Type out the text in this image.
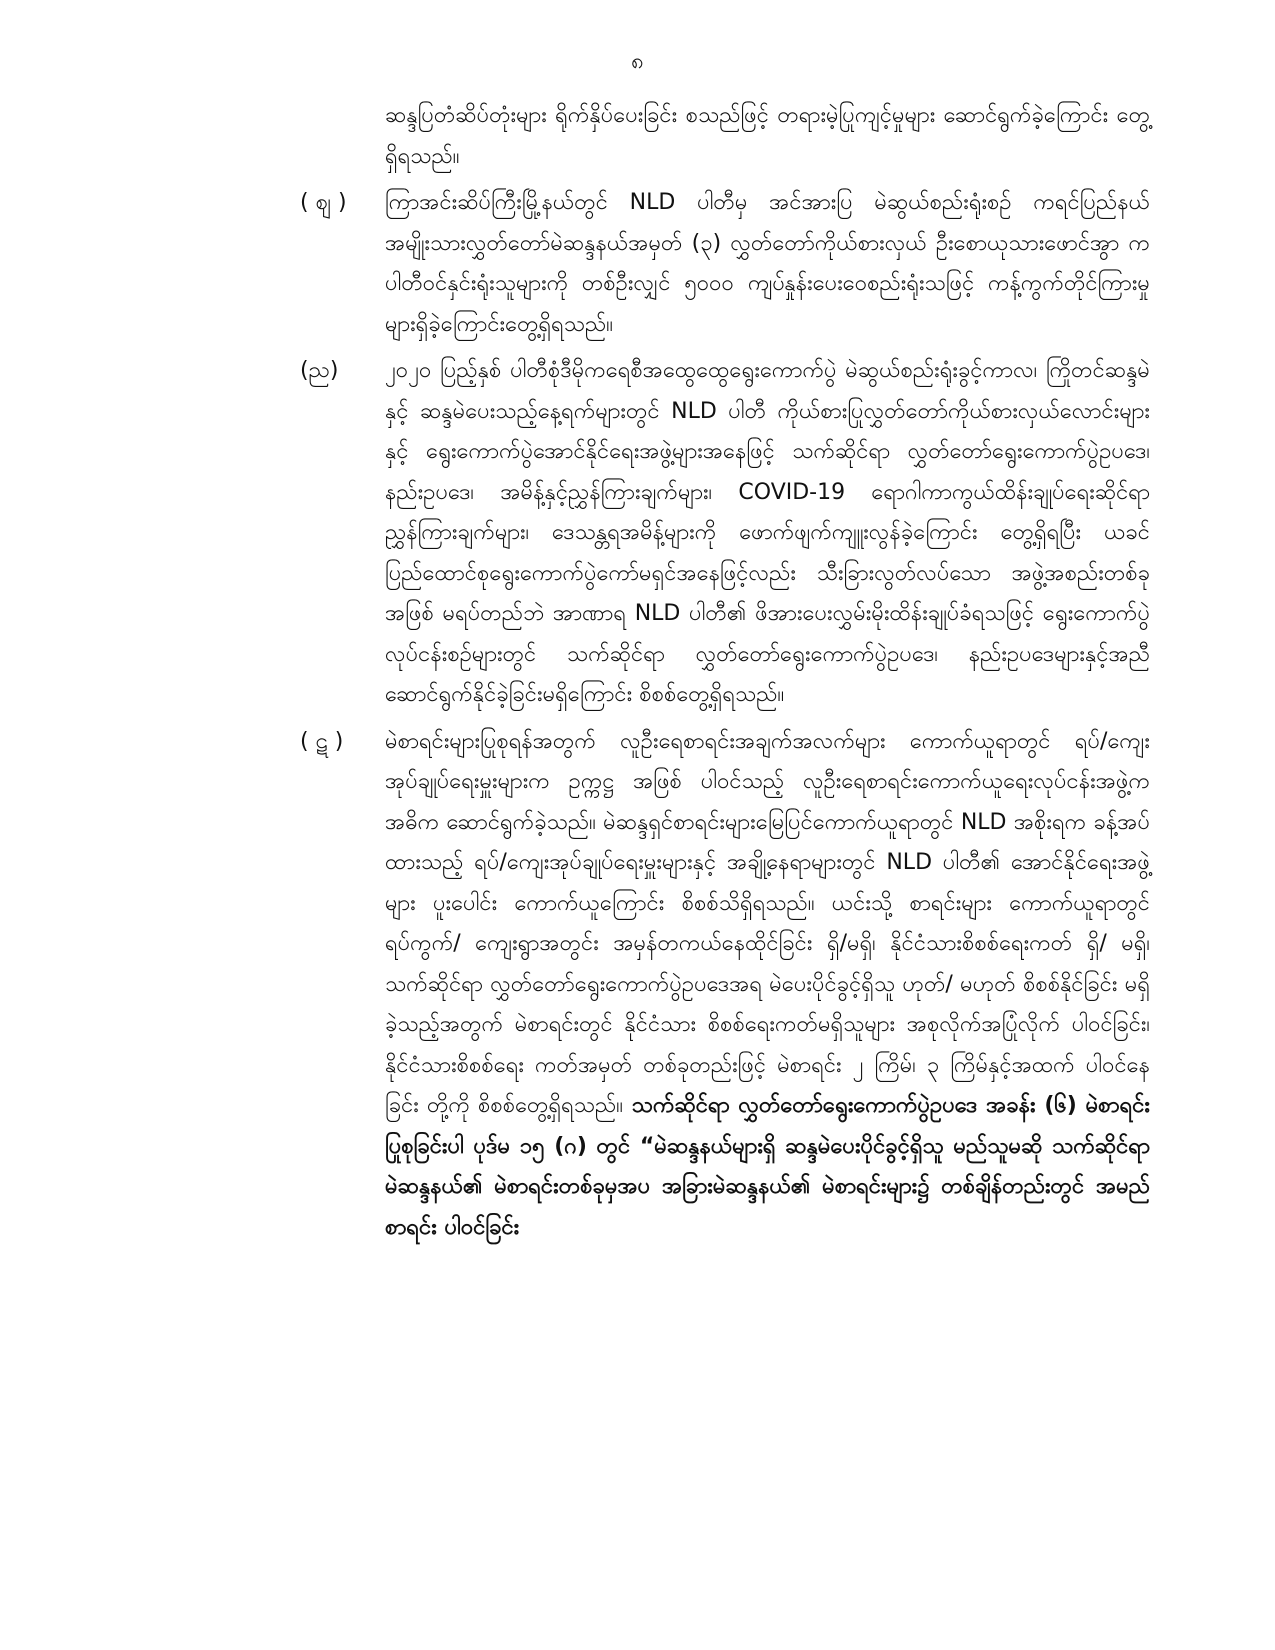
၈

ဆန္ဒပြတံဆိပ်တုံးများ ရိုက်နှိပ်ပေးခြင်း စသည်ဖြင့် တရားမဲ့ပြုကျင့်မှုများ ဆောင်ရွက်ခဲ့ကြောင်း တွေ့ရှိရသည်။

( ဈ )	ကြာအင်းဆိပ်ကြီးမြို့နယ်တွင် NLD ပါတီမှ အင်အားပြ မဲဆွယ်စည်းရုံးစဉ် ကရင်ပြည်နယ် အမျိုးသားလွှတ်တော်မဲဆန္ဒနယ်အမှတ် (၃) လွှတ်တော်ကိုယ်စားလှယ် ဦးစောယုသားဖောင်အွာ က ပါတီဝင်နှင်းရုံးသူများကို တစ်ဦးလျှင် ၅၀၀၀ ကျပ်နှုန်းပေးဝေစည်းရုံးသဖြင့် ကန့်ကွက်တိုင်ကြားမှုများရှိခဲ့ကြောင်းတွေ့ရှိရသည်။

(ည)	၂၀၂၀ ပြည့်နှစ် ပါတီစုံဒီမိုကရေစီအထွေထွေရွေးကောက်ပွဲ မဲဆွယ်စည်းရုံးခွင့်ကာလ၊ ကြိုတင်ဆန္ဒမဲနှင့် ဆန္ဒမဲပေးသည့်နေ့ရက်များတွင် NLD ပါတီ ကိုယ်စားပြုလွှတ်တော်ကိုယ်စားလှယ်လောင်းများနှင့် ရွေးကောက်ပွဲအောင်နိုင်ရေးအဖွဲ့များအနေဖြင့် သက်ဆိုင်ရာ လွှတ်တော်ရွေးကောက်ပွဲဥပဒေ၊ နည်းဥပဒေ၊ အမိန့်နှင့်ညွှန်ကြားချက်များ၊ COVID-19 ရောဂါကာကွယ်ထိန်းချုပ်ရေးဆိုင်ရာ ညွှန်ကြားချက်များ၊ ဒေသန္တရအမိန့်များကို ဖောက်ဖျက်ကျူးလွန်ခဲ့ကြောင်း တွေ့ရှိရပြီး ယခင် ပြည်ထောင်စုရွေးကောက်ပွဲကော်မရှင်အနေဖြင့်လည်း သီးခြားလွတ်လပ်သော အဖွဲ့အစည်းတစ်ခုအဖြစ် မရပ်တည်ဘဲ အာဏာရ NLD ပါတီ၏ ဖိအားပေးလွှမ်းမိုးထိန်းချုပ်ခံရသဖြင့် ရွေးကောက်ပွဲလုပ်ငန်းစဉ်များတွင် သက်ဆိုင်ရာ လွှတ်တော်ရွေးကောက်ပွဲဥပဒေ၊ နည်းဥပဒေများနှင့်အညီ ဆောင်ရွက်နိုင်ခဲ့ခြင်းမရှိကြောင်း စိစစ်တွေ့ရှိရသည်။

( ဋ )	မဲစာရင်းများပြုစုရန်အတွက် လူဦးရေစာရင်းအချက်အလက်များ ကောက်ယူရာတွင် ရပ်/ကျေးအုပ်ချုပ်ရေးမှူးများက ဥက္ကဋ္ဌ အဖြစ် ပါဝင်သည့် လူဦးရေစာရင်းကောက်ယူရေးလုပ်ငန်းအဖွဲ့က အဓိက ဆောင်ရွက်ခဲ့သည်။ မဲဆန္ဒရှင်စာရင်းများမြေပြင်ကောက်ယူရာတွင် NLD အစိုးရက ခန့်အပ်ထားသည့် ရပ်/ကျေးအုပ်ချုပ်ရေးမှူးများနှင့် အချို့နေရာများတွင် NLD ပါတီ၏ အောင်နိုင်ရေးအဖွဲ့များ ပူးပေါင်း ကောက်ယူကြောင်း စိစစ်သိရှိရသည်။ ယင်းသို့ စာရင်းများ ကောက်ယူရာတွင် ရပ်ကွက်/ ကျေးရွာအတွင်း အမှန်တကယ်နေထိုင်ခြင်း ရှိ/မရှိ၊ နိုင်ငံသားစိစစ်ရေးကတ် ရှိ/ မရှိ၊ သက်ဆိုင်ရာ လွှတ်တော်ရွေးကောက်ပွဲဥပဒေအရ မဲပေးပိုင်ခွင့်ရှိသူ ဟုတ်/ မဟုတ် စိစစ်နိုင်ခြင်း မရှိခဲ့သည့်အတွက် မဲစာရင်းတွင် နိုင်ငံသား စိစစ်ရေးကတ်မရှိသူများ အစုလိုက်အပြုံလိုက် ပါဝင်ခြင်း၊ နိုင်ငံသားစိစစ်ရေး ကတ်အမှတ် တစ်ခုတည်းဖြင့် မဲစာရင်း ၂ ကြိမ်၊ ၃ ကြိမ်နှင့်အထက် ပါဝင်နေခြင်း တို့ကို စိစစ်တွေ့ရှိရသည်။ သက်ဆိုင်ရာ လွှတ်တော်ရွေးကောက်ပွဲဥပဒေ အခန်း (၆) မဲစာရင်းပြုစုခြင်းပါ ပုဒ်မ ၁၅ (ဂ) တွင် “မဲဆန္ဒနယ်များရှိ ဆန္ဒမဲပေးပိုင်ခွင့်ရှိသူ မည်သူမဆို သက်ဆိုင်ရာ မဲဆန္ဒနယ်၏ မဲစာရင်းတစ်ခုမှအပ အခြားမဲဆန္ဒနယ်၏ မဲစာရင်းများ၌ တစ်ချိန်တည်းတွင် အမည်စာရင်း ပါဝင်ခြင်း
